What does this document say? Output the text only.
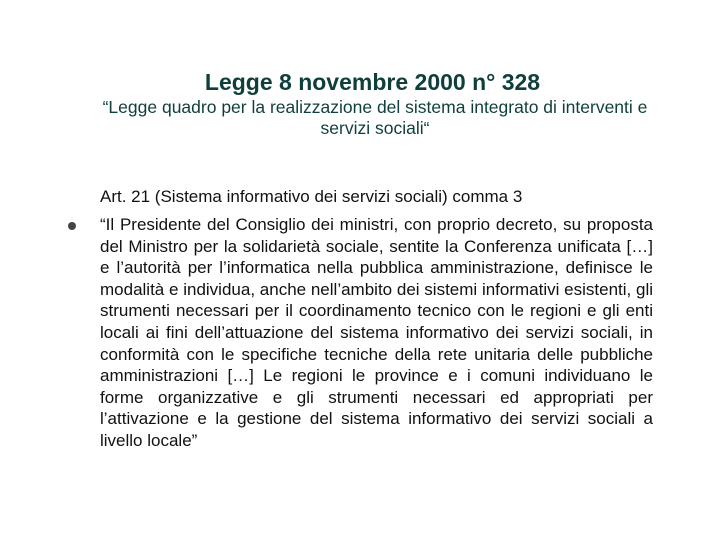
Legge 8 novembre 2000 n° 328

“Legge quadro per la realizzazione del sistema integrato di interventi e servizi sociali“

Art. 21 (Sistema informativo dei servizi sociali) comma 3

“Il Presidente del Consiglio dei ministri, con proprio decreto, su proposta del Ministro per la solidarietà sociale, sentite la Conferenza unificata […] e l’autorità per l’informatica nella pubblica amministrazione, definisce le modalità e individua, anche nell’ambito dei sistemi informativi esistenti, gli strumenti necessari per il coordinamento tecnico con le regioni e gli enti locali ai fini dell’attuazione del sistema informativo dei servizi sociali, in conformità con le specifiche tecniche della rete unitaria delle pubbliche amministrazioni […] Le regioni le province e i comuni individuano le forme organizzative e gli strumenti necessari ed appropriati per l’attivazione e la gestione del sistema informativo dei servizi sociali a livello locale”
